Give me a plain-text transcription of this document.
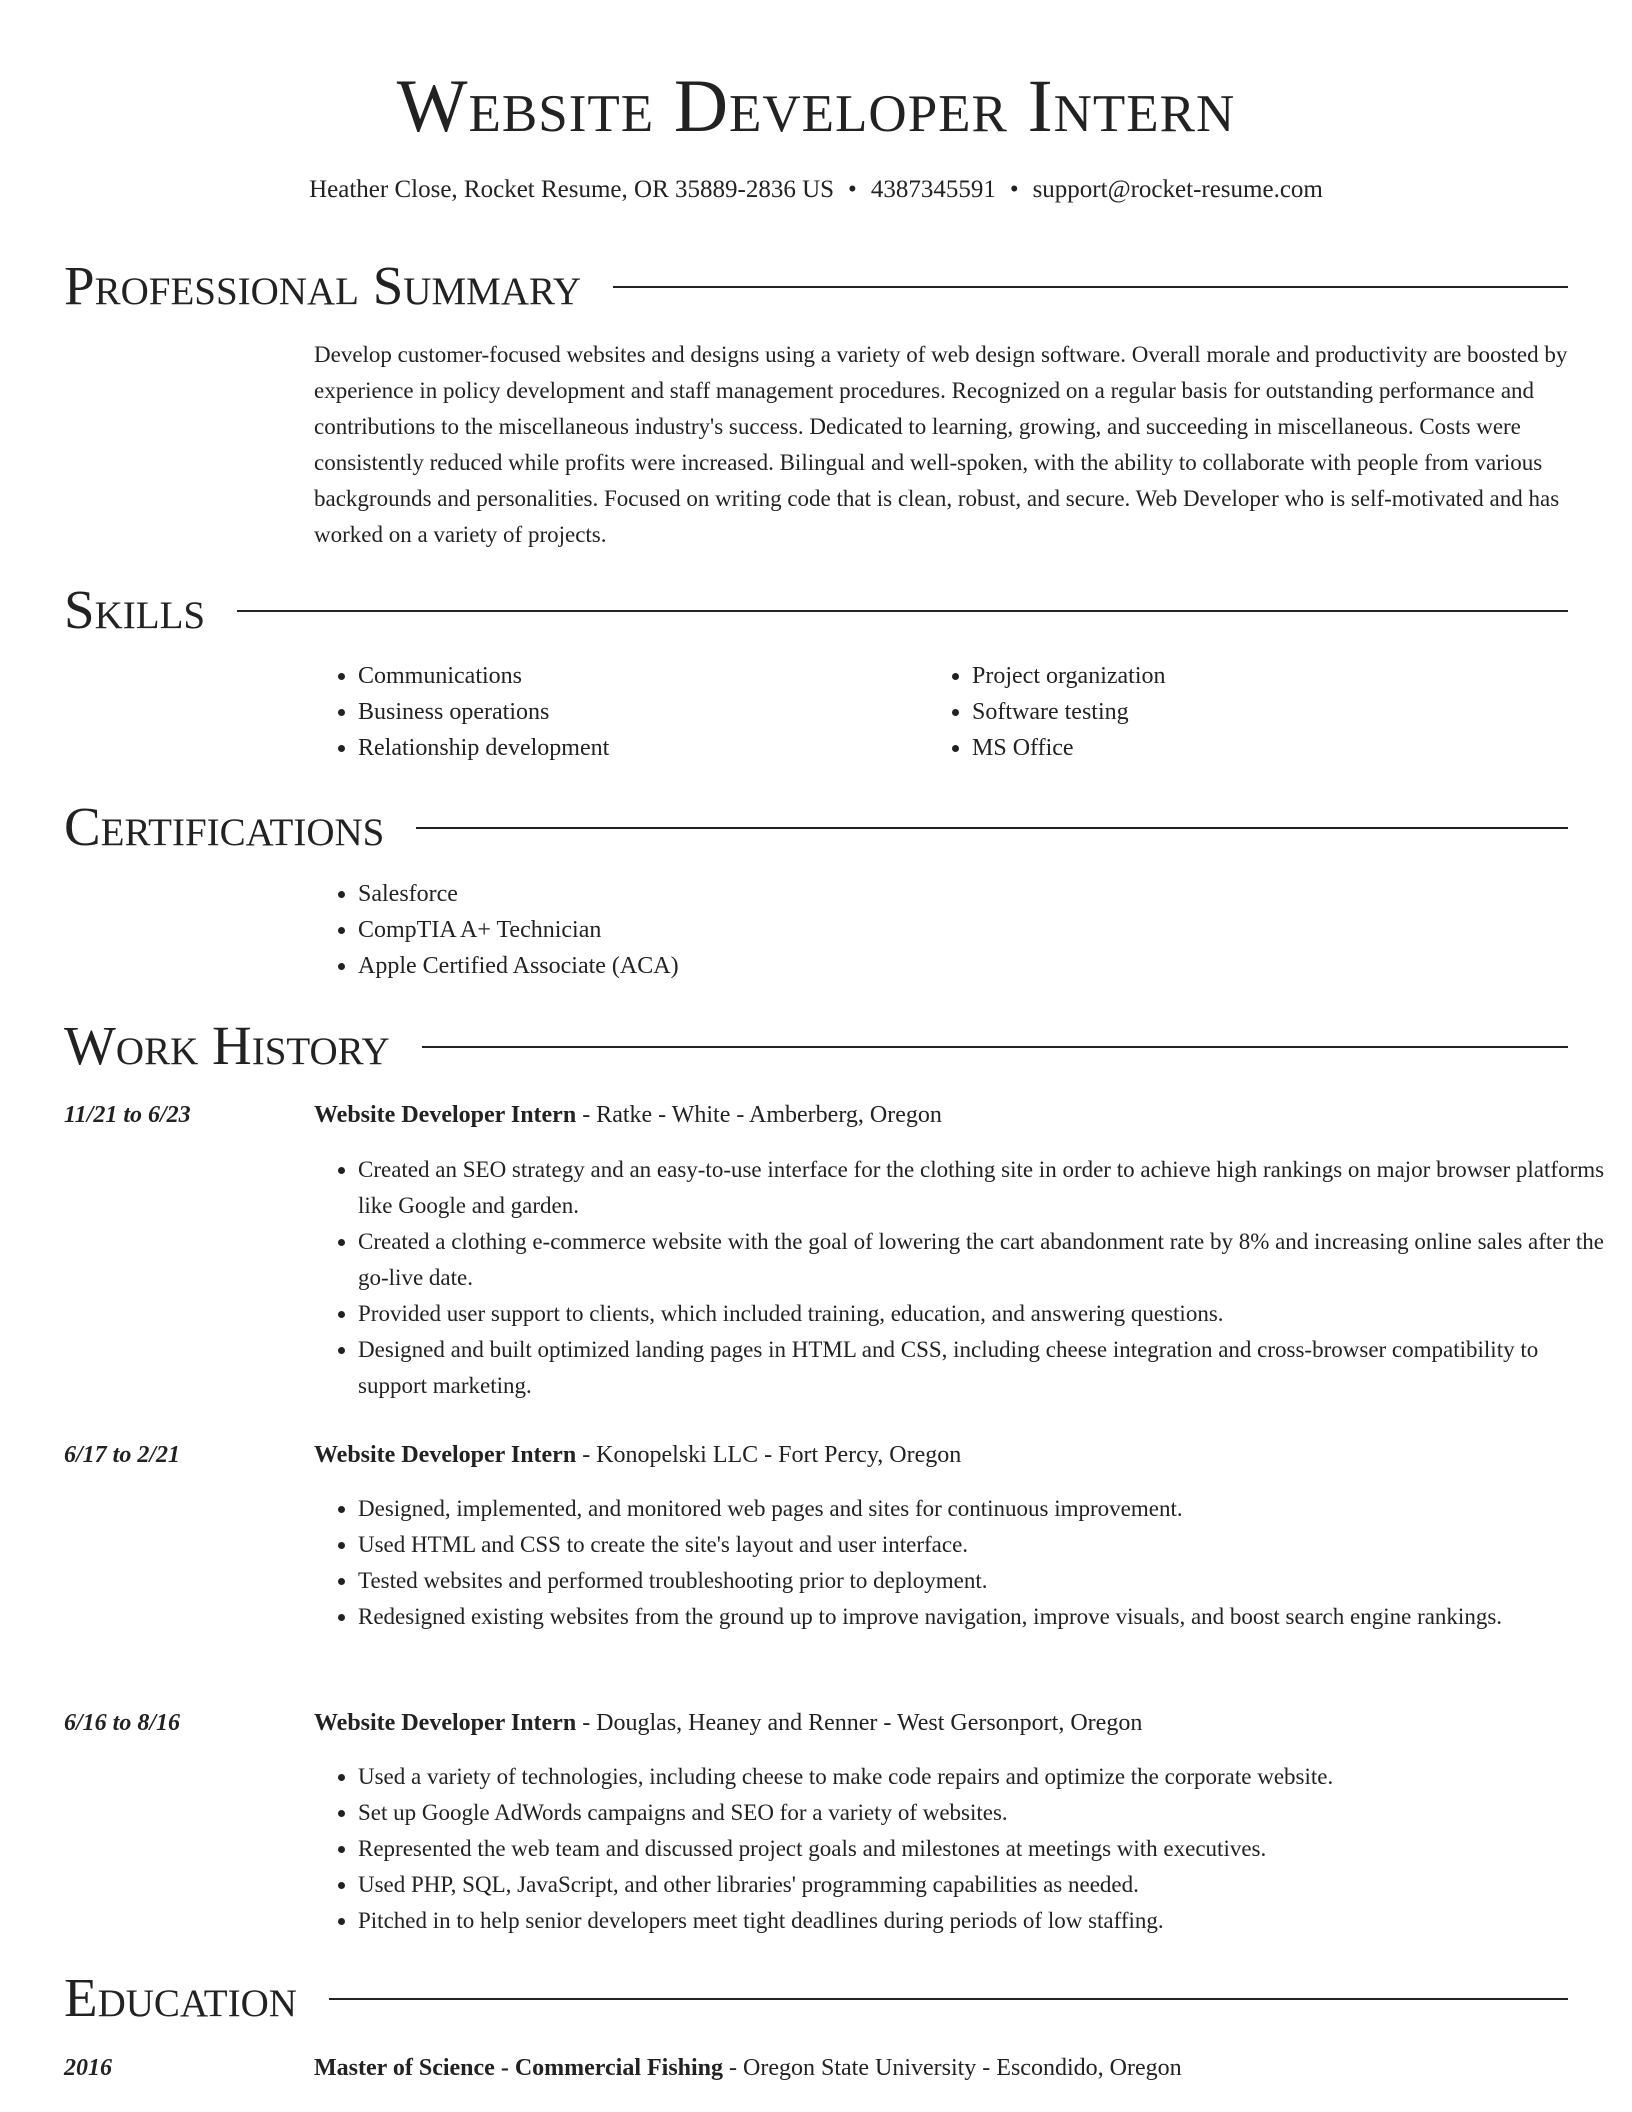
Website Developer Intern
Heather Close, Rocket Resume, OR 35889-2836 US • 4387345591 • support@rocket-resume.com
Professional Summary
Develop customer-focused websites and designs using a variety of web design software. Overall morale and productivity are boosted by experience in policy development and staff management procedures. Recognized on a regular basis for outstanding performance and contributions to the miscellaneous industry's success. Dedicated to learning, growing, and succeeding in miscellaneous. Costs were consistently reduced while profits were increased. Bilingual and well-spoken, with the ability to collaborate with people from various backgrounds and personalities. Focused on writing code that is clean, robust, and secure. Web Developer who is self-motivated and has worked on a variety of projects.
Skills
• Communications
• Business operations
• Relationship development
• Project organization
• Software testing
• MS Office
Certifications
• Salesforce
• CompTIA A+ Technician
• Apple Certified Associate (ACA)
Work History
11/21 to 6/23	Website Developer Intern - Ratke - White - Amberberg, Oregon
• Created an SEO strategy and an easy-to-use interface for the clothing site in order to achieve high rankings on major browser platforms like Google and garden.
• Created a clothing e-commerce website with the goal of lowering the cart abandonment rate by 8% and increasing online sales after the go-live date.
• Provided user support to clients, which included training, education, and answering questions.
• Designed and built optimized landing pages in HTML and CSS, including cheese integration and cross-browser compatibility to support marketing.
6/17 to 2/21	Website Developer Intern - Konopelski LLC - Fort Percy, Oregon
• Designed, implemented, and monitored web pages and sites for continuous improvement.
• Used HTML and CSS to create the site's layout and user interface.
• Tested websites and performed troubleshooting prior to deployment.
• Redesigned existing websites from the ground up to improve navigation, improve visuals, and boost search engine rankings.
6/16 to 8/16	Website Developer Intern - Douglas, Heaney and Renner - West Gersonport, Oregon
• Used a variety of technologies, including cheese to make code repairs and optimize the corporate website.
• Set up Google AdWords campaigns and SEO for a variety of websites.
• Represented the web team and discussed project goals and milestones at meetings with executives.
• Used PHP, SQL, JavaScript, and other libraries' programming capabilities as needed.
• Pitched in to help senior developers meet tight deadlines during periods of low staffing.
Education
2016	Master of Science - Commercial Fishing - Oregon State University - Escondido, Oregon
